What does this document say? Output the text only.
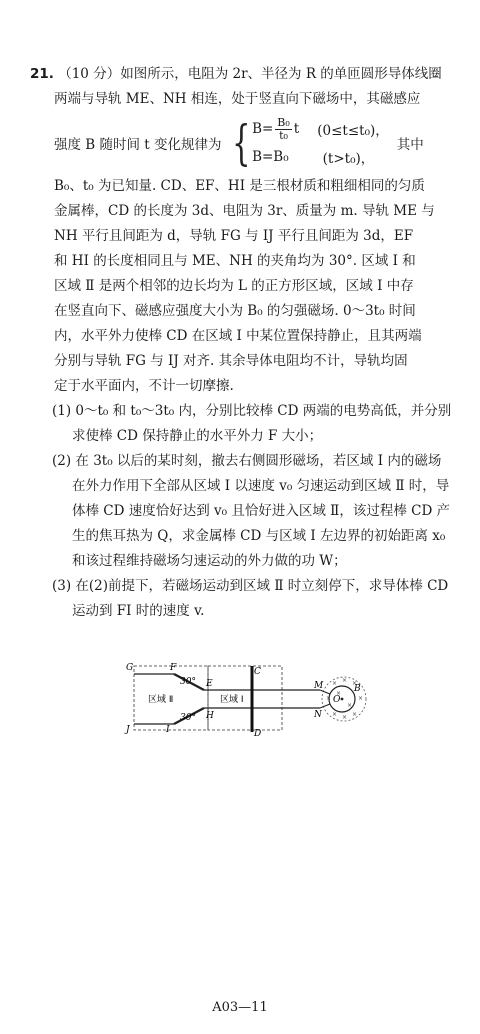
21. （10 分）如图所示，电阻为 2r、半径为 R 的单匝圆形导体线圈
两端与导轨 ME、NH 相连，处于竖直向下磁场中，其磁感应
强度 B 随时间 t 变化规律为 { $B= \frac{\text{B₀}}{\text{t₀}}$ t (0≤t≤t₀)，
B=B₀	(t>t₀)，
其中
B₀、t₀ 为已知量. CD、EF、HI 是三根材质和粗细相同的匀质
金属棒，CD 的长度为 3d、电阻为 3r、质量为 m. 导轨 ME 与
NH 平行且间距为 d，导轨 FG 与 IJ 平行且间距为 3d，EF
和 HI 的长度相同且与 ME、NH 的夹角均为 30°. 区域 Ⅰ 和
区域 Ⅱ 是两个相邻的边长均为 L 的正方形区域，区域 Ⅰ 中存
在竖直向下、磁感应强度大小为 B₀ 的匀强磁场. 0～3t₀ 时间
内，水平外力使棒 CD 在区域 Ⅰ 中某位置保持静止，且其两端
分别与导轨 FG 与 IJ 对齐. 其余导体电阻均不计，导轨均固
定于水平面内，不计一切摩擦.
(1) 0～t₀ 和 t₀～3t₀ 内，分别比较棒 CD 两端的电势高低，并分别求使棒 CD 保持静止的水平外力 F 大小；
(2) 在 3t₀ 以后的某时刻，撤去右侧圆形磁场，若区域 Ⅰ 内的磁场在外力作用下全部从区域 Ⅰ 以速度 v₀ 匀速运动到区域 Ⅱ 时，导体棒 CD 速度恰好达到 v₀ 且恰好进入区域 Ⅱ，该过程棒 CD 产生的焦耳热为 Q，求金属棒 CD 与区域 Ⅰ 左边界的初始距离 x₀ 和该过程维持磁场匀速运动的外力做的功 W；
(3) 在(2)前提下，若磁场运动到区域 Ⅱ 时立刻停下，求导体棒 CD 运动到 FI 时的速度 v.
× × ×
×	×
× × ×
×
×
G	F
E
J	I
H
C
D
M
N
O
B
30°
30°
区域 Ⅱ	区域 Ⅰ
A03—11
